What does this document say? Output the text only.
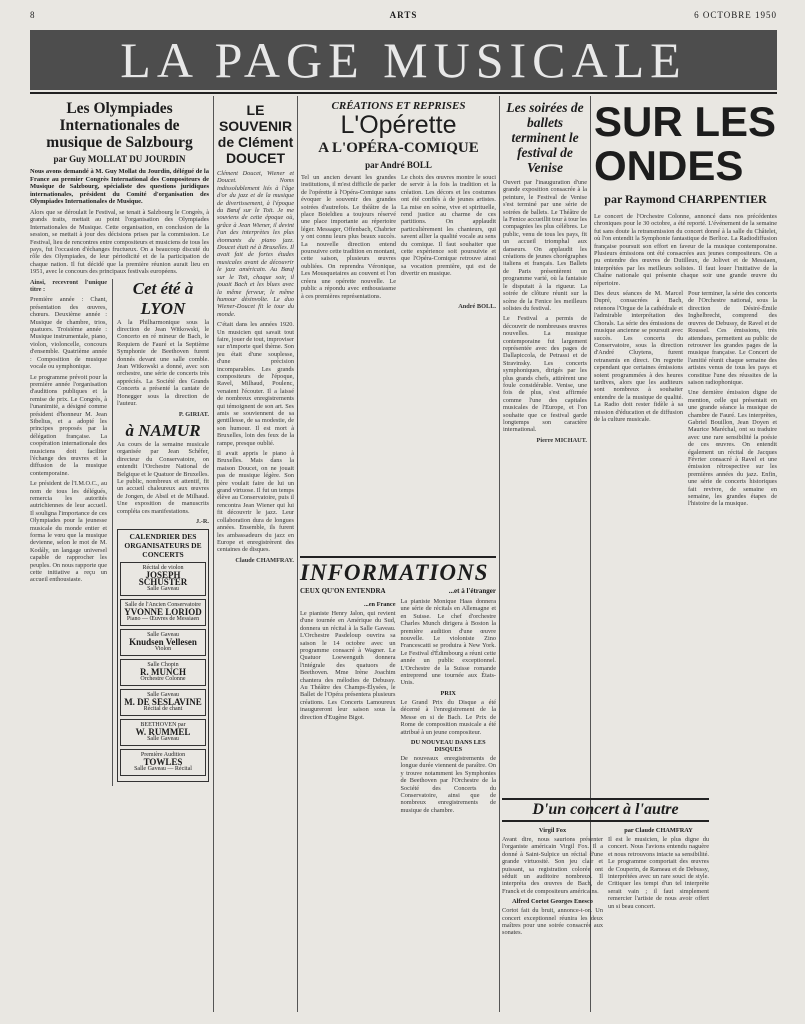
8	ARTS	6 OCTOBRE 1950
LA PAGE MUSICALE
Les Olympiades Internationales de musique de Salzbourg
par Guy MOLLAT DU JOURDIN

Nous avons demandé à M. Guy Mollat du Jourdin, délégué de la France au premier Congrès International des Compositeurs de Musique de Salzbourg, spécialiste des questions juridiques internationales, président du Comité d'organisation des Olympiades Internationales de Musique.

Alors que se déroulait le Festival, se tenait à Salzbourg le Congrès, à grands traits, mettait au point l'organisation des Olympiades Internationales de Musique. Cette organisation, en conclusion de la session, se mettait à jour des décisions prises par la commission. Le Festival, lieu de rencontres entre compositeurs et musiciens de tous les pays, fut l'occasion d'échanges fructueux. On a beaucoup discuté du rôle des Olympiades, de leur périodicité et de la participation de chaque nation. Il fut décidé que la première réunion aurait lieu en 1951, avec le concours des principaux festivals européens.

Ainsi, recevront l'unique titre :

Première année : Chant, présentation des œuvres, chœurs. Deuxième année : Musique de chambre, trios, quatuors. Troisième année : Musique instrumentale, piano, violon, violoncelle, concours d'ensemble. Quatrième année : Composition de musique vocale ou symphonique.

Le programme prévoit pour la première année l'organisation d'auditions publiques et la remise de prix. Le Congrès, à l'unanimité, a désigné comme président d'honneur M. Jean Sibelius, et a adopté les principes proposés par la délégation française. La coopération internationale des musiciens doit faciliter l'échange des œuvres et la diffusion de la musique contemporaine.

Le président de l'I.M.O.C., au nom de tous les délégués, remercia les autorités autrichiennes de leur accueil. Il souligna l'importance de ces Olympiades pour la jeunesse musicale du monde entier et forma le vœu que la musique devienne, selon le mot de M. Kodály, un langage universel capable de rapprocher les peuples. On nous rapporte que cette initiative a reçu un accueil enthousiaste.

Cet été à LYON

A la Philharmonique sous la direction de Jean Witkowski, le Concerto en ré mineur de Bach, le Requiem de Fauré et la Septième Symphonie de Beethoven furent donnés devant une salle comble. Jean Witkowski a donné, avec son orchestre, une série de concerts très appréciés. La Société des Grands Concerts a présenté la cantate de Honegger sous la direction de l'auteur.

P. GIRIAT.

à NAMUR

Au cours de la semaine musicale organisée par Jean Schéfer, directeur du Conservatoire, on entendit l'Orchestre National de Belgique et le Quatuor de Bruxelles. Le public, nombreux et attentif, fit un accueil chaleureux aux œuvres de Jongen, de Absil et de Milhaud. Une exposition de manuscrits compléta ces manifestations.

J.-R.

CALENDRIER DES ORGANISATEURS DE CONCERTS
Récital de violon
JOSEPH SCHUSTER
Salle Gaveau
Salle de l'Ancien Conservatoire
YVONNE LORIOD
Piano — Œuvres de Messiaen
Salle Gaveau
Knudsen Vellesen
Violon
Salle Chopin
R. MUNCH
Orchestre Colonne
Salle Gaveau
M. DE SESLAVINE
Récital de chant
BEETHOVEN par
W. RUMMEL
Salle Gaveau
Première Audition
TOWLES
Salle Gaveau — Récital
LE SOUVENIR de Clément DOUCET

Clément Doucet, Wiener et Doucet. Noms indissolublement liés à l'âge d'or du jazz et de la musique de divertissement, à l'époque du Bœuf sur le Toit. Je me souviens de cette époque où, grâce à Jean Wiener, il devint l'un des interprètes les plus étonnants du piano jazz. Doucet était né à Bruxelles. Il avait fait de fortes études musicales avant de découvrir le jazz américain. Au Bœuf sur le Toit, chaque soir, il jouait Bach et les blues avec la même ferveur, le même humour désinvolte. Le duo Wiener-Doucet fit le tour du monde.

C'était dans les années 1920. Un musicien qui savait tout faire, jouer de tout, improviser sur n'importe quel thème. Son jeu était d'une souplesse, d'une précision incomparables. Les grands compositeurs de l'époque, Ravel, Milhaud, Poulenc, venaient l'écouter. Il a laissé de nombreux enregistrements qui témoignent de son art. Ses amis se souviennent de sa gentillesse, de sa modestie, de son humour. Il est mort à Bruxelles, loin des feux de la rampe, presque oublié.

Il avait appris le piano à Bruxelles. Mais dans la maison Doucet, on ne jouait pas de musique légère. Son père voulait faire de lui un grand virtuose. Il fut un temps élève au Conservatoire, puis il rencontra Jean Wiener qui lui fit découvrir le jazz. Leur collaboration dura de longues années. Ensemble, ils furent les ambassadeurs du jazz en Europe et enregistrèrent des centaines de disques.

Claude CHAMFRAY.

CRÉATIONS ET REPRISES
L'Opérette
A L'OPÉRA-COMIQUE
par André BOLL

Tel un ancien devant les grandes institutions, il m'est difficile de parler de l'opérette à l'Opéra-Comique sans évoquer le souvenir des grandes soirées d'autrefois. Le théâtre de la place Boieldieu a toujours réservé une place importante au répertoire léger. Messager, Offenbach, Chabrier y ont connu leurs plus beaux succès. La nouvelle direction entend poursuivre cette tradition en montant, cette saison, plusieurs œuvres oubliées. On reprendra Véronique, Les Mousquetaires au couvent et l'on créera une opérette nouvelle. Le public a répondu avec enthousiasme à ces premières représentations.

Le choix des œuvres montre le souci de servir à la fois la tradition et la création. Les décors et les costumes ont été confiés à de jeunes artistes. La mise en scène, vive et spirituelle, rend justice au charme de ces partitions. On applaudit particulièrement les chanteurs, qui savent allier la qualité vocale au sens du comique. Il faut souhaiter que cette expérience soit poursuivie et que l'Opéra-Comique retrouve ainsi sa vocation première, qui est de divertir en musique.

André BOLL.

INFORMATIONS
CEUX QU'ON ENTENDRA	...et à l'étranger
...en France

Le pianiste Henry Jalon, qui revient d'une tournée en Amérique du Sud, donnera un récital à la Salle Gaveau. L'Orchestre Pasdeloup ouvrira sa saison le 14 octobre avec un programme consacré à Wagner. Le Quatuor Loewenguth donnera l'intégrale des quatuors de Beethoven. Mme Irène Joachim chantera des mélodies de Debussy. Au Théâtre des Champs-Élysées, le Ballet de l'Opéra présentera plusieurs créations. Les Concerts Lamoureux inaugureront leur saison sous la direction d'Eugène Bigot.

La pianiste Monique Haas donnera une série de récitals en Allemagne et en Suisse. Le chef d'orchestre Charles Munch dirigera à Boston la première audition d'une œuvre nouvelle. Le violoniste Zino Francescatti se produira à New York. Le Festival d'Édimbourg a réuni cette année un public exceptionnel. L'Orchestre de la Suisse romande entreprend une tournée aux États-Unis.

PRIX

Le Grand Prix du Disque a été décerné à l'enregistrement de la Messe en si de Bach. Le Prix de Rome de composition musicale a été attribué à un jeune compositeur.

DU NOUVEAU DANS LES DISQUES

De nouveaux enregistrements de longue durée viennent de paraître. On y trouve notamment les Symphonies de Beethoven par l'Orchestre de la Société des Concerts du Conservatoire, ainsi que de nombreux enregistrements de musique de chambre.

Les soirées de ballets terminent le festival de Venise

Ouvert par l'inauguration d'une grande exposition consacrée à la peinture, le Festival de Venise s'est terminé par une série de soirées de ballets. Le Théâtre de la Fenice accueillit tour à tour les compagnies les plus célèbres. Le public, venu de tous les pays, fit un accueil triomphal aux danseurs. On applaudit les créations de jeunes chorégraphes italiens et français. Les Ballets de Paris présentèrent un programme varié, où la fantaisie le disputait à la rigueur. La soirée de clôture réunit sur la scène de la Fenice les meilleurs solistes du festival.

Le Festival a permis de découvrir de nombreuses œuvres nouvelles. La musique contemporaine fut largement représentée avec des pages de Dallapiccola, de Petrassi et de Stravinsky. Les concerts symphoniques, dirigés par les plus grands chefs, attirèrent une foule considérable. Venise, une fois de plus, s'est affirmée comme l'une des capitales musicales de l'Europe, et l'on souhaite que ce festival garde longtemps son caractère international.

Pierre MICHAUT.

D'un concert à l'autre
Virgil Fox

Avant dire, nous saurions présenter l'organiste américain Virgil Fox. Il a donné à Saint-Sulpice un récital d'une grande virtuosité. Son jeu clair et puissant, sa registration colorée ont séduit un auditoire nombreux. Il interpréta des œuvres de Bach, de Franck et de compositeurs américains.

Alfred Cortot Georges Enesco

Cortot fait du bruit, annonce-t-on. Un concert exceptionnel réunira les deux maîtres pour une soirée consacrée aux sonates.

par Claude CHAMFRAY

Il est le musicien, le plus digne du concert. Nous l'avions entendu naguère et nous retrouvons intacte sa sensibilité. Le programme comportait des œuvres de Couperin, de Rameau et de Debussy, interprétées avec un rare souci de style. Critiquer les tempi d'un tel interprète serait vain ; il faut simplement remercier l'artiste de nous avoir offert un si beau concert.

SUR LES ONDES
par Raymond CHARPENTIER

Le concert de l'Orchestre Colonne, annoncé dans nos précédentes chroniques pour le 30 octobre, a été reporté. L'événement de la semaine fut sans doute la retransmission du concert donné à la salle du Châtelet, où l'on entendit la Symphonie fantastique de Berlioz. La Radiodiffusion française poursuit son effort en faveur de la musique contemporaine. Plusieurs émissions ont été consacrées aux jeunes compositeurs. On a pu entendre des œuvres de Dutilleux, de Jolivet et de Messiaen, interprétées par les meilleurs solistes. Il faut louer l'initiative de la Chaîne nationale qui présente chaque soir une grande œuvre du répertoire.

Des deux séances de M. Marcel Dupré, consacrées à Bach, retenons l'Orgue de la cathédrale et l'admirable interprétation des Chorals. La série des émissions de musique ancienne se poursuit avec succès. Les concerts du Conservatoire, sous la direction d'André Cluytens, furent retransmis en direct. On regrette cependant que certaines émissions soient programmées à des heures tardives, alors que les auditeurs sont nombreux à souhaiter entendre de la musique de qualité. La Radio doit rester fidèle à sa mission d'éducation et de diffusion de la culture musicale.

Pour terminer, la série des concerts de l'Orchestre national, sous la direction de Désiré-Émile Inghelbrecht, comprend des œuvres de Debussy, de Ravel et de Roussel. Ces émissions, très attendues, permettent au public de retrouver les grandes pages de la musique française. Le Concert de l'amitié réunit chaque semaine des artistes venus de tous les pays et constitue l'une des réussites de la saison radiophonique.

Une dernière émission digne de mention, celle qui présentait en une grande séance la musique de chambre de Fauré. Les interprètes, Gabriel Bouillon, Jean Doyen et Maurice Maréchal, ont su traduire avec une rare sensibilité la poésie de ces œuvres. On entendit également un récital de Jacques Février consacré à Ravel et une émission rétrospective sur les premières années du jazz. Enfin, une série de concerts historiques fait revivre, de semaine en semaine, les grandes étapes de l'histoire de la musique.
